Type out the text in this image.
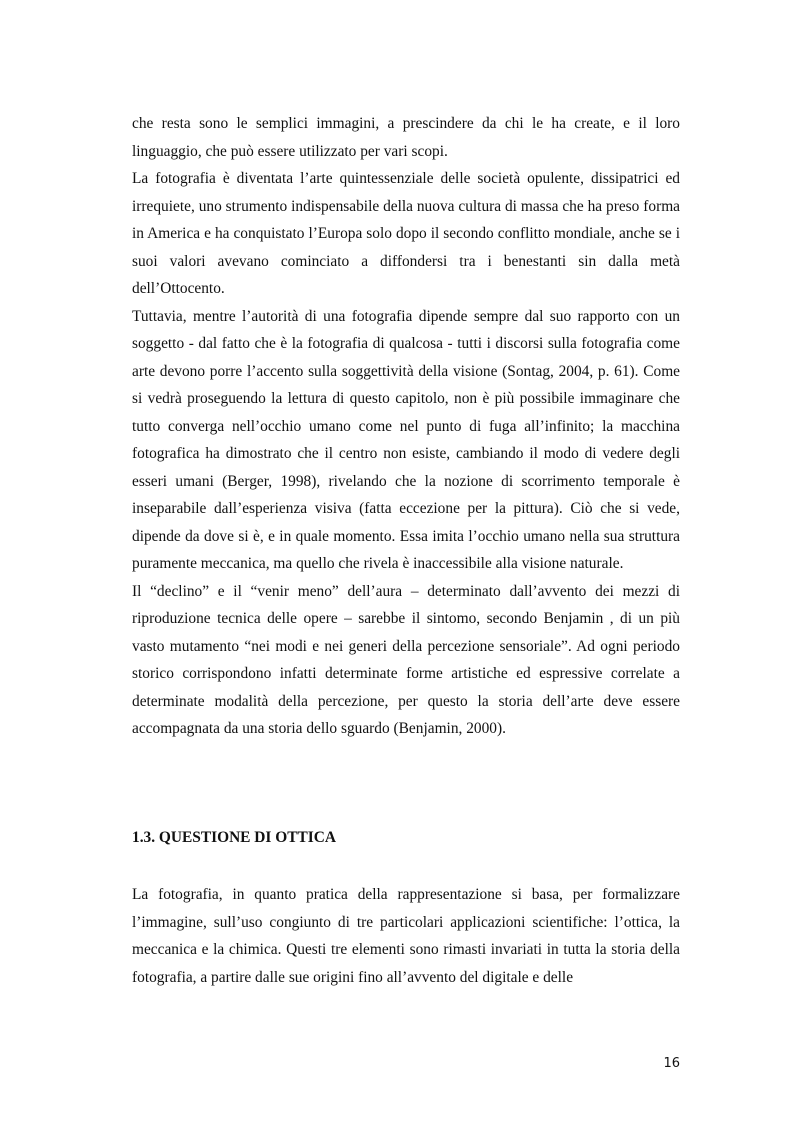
che resta sono le semplici immagini, a prescindere da chi le ha create, e il loro linguaggio, che può essere utilizzato per vari scopi.

La fotografia è diventata l’arte quintessenziale delle società opulente, dissipatrici ed irrequiete, uno strumento indispensabile della nuova cultura di massa che ha preso forma in America e ha conquistato l’Europa solo dopo il secondo conflitto mondiale, anche se i suoi valori avevano cominciato a diffondersi tra i benestanti sin dalla metà dell’Ottocento.

Tuttavia, mentre l’autorità di una fotografia dipende sempre dal suo rapporto con un soggetto - dal fatto che è la fotografia di qualcosa - tutti i discorsi sulla fotografia come arte devono porre l’accento sulla soggettività della visione (Sontag, 2004, p. 61). Come si vedrà proseguendo la lettura di questo capitolo, non è più possibile immaginare che tutto converga nell’occhio umano come nel punto di fuga all’infinito; la macchina fotografica ha dimostrato che il centro non esiste, cambiando il modo di vedere degli esseri umani (Berger, 1998), rivelando che la nozione di scorrimento temporale è inseparabile dall’esperienza visiva (fatta eccezione per la pittura). Ciò che si vede, dipende da dove si è, e in quale momento. Essa imita l’occhio umano nella sua struttura puramente meccanica, ma quello che rivela è inaccessibile alla visione naturale.

Il “declino” e il “venir meno” dell’aura – determinato dall’avvento dei mezzi di riproduzione tecnica delle opere – sarebbe il sintomo, secondo Benjamin , di un più vasto mutamento “nei modi e nei generi della percezione sensoriale”. Ad ogni periodo storico corrispondono infatti determinate forme artistiche ed espressive correlate a determinate modalità della percezione, per questo la storia dell’arte deve essere accompagnata da una storia dello sguardo (Benjamin, 2000).

1.3. QUESTIONE DI OTTICA

La fotografia, in quanto pratica della rappresentazione si basa, per formalizzare l’immagine, sull’uso congiunto di tre particolari applicazioni scientifiche: l’ottica, la meccanica e la chimica. Questi tre elementi sono rimasti invariati in tutta la storia della fotografia, a partire dalle sue origini fino all’avvento del digitale e delle

16
